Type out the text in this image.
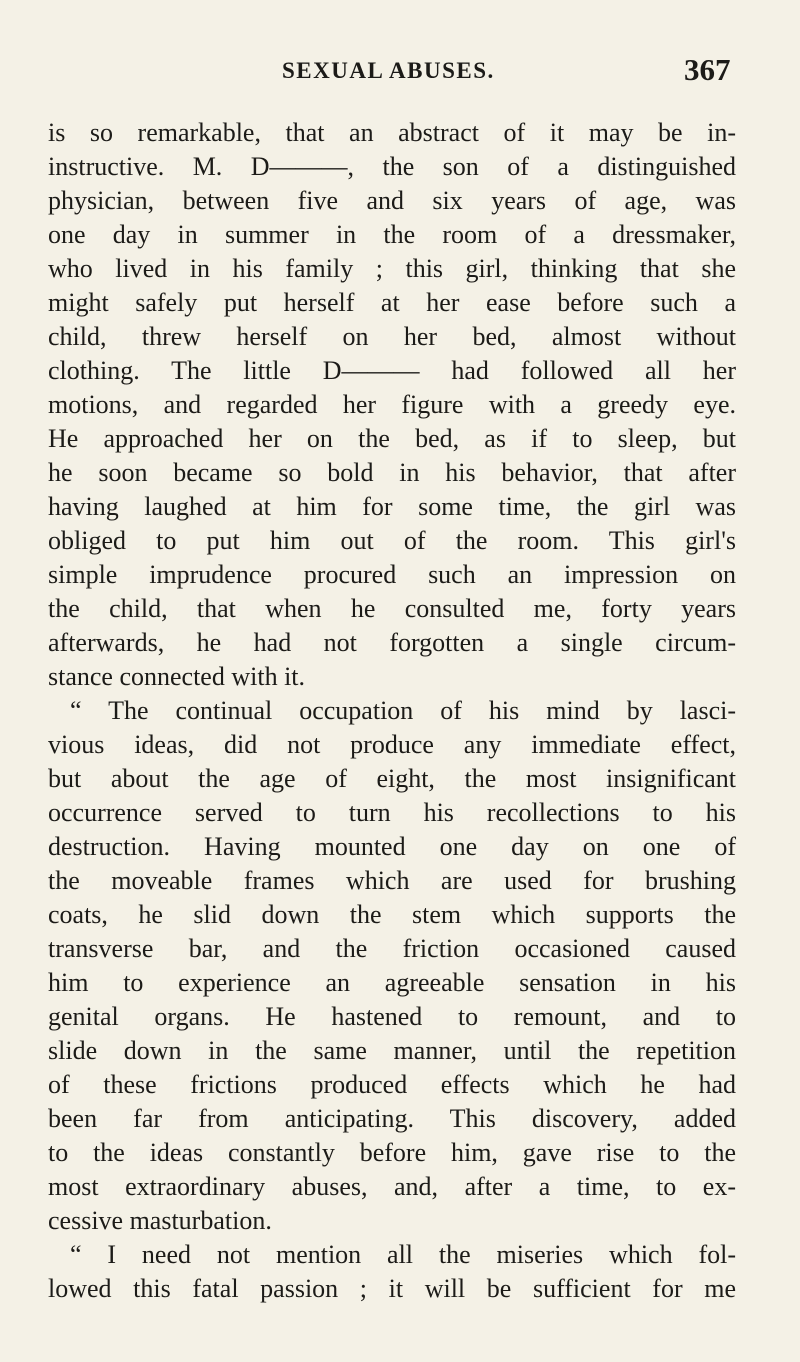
SEXUAL ABUSES.	367
is so remarkable, that an abstract of it may be in-
instructive. M. D———, the son of a distinguished
physician, between five and six years of age, was
one day in summer in the room of a dressmaker,
who lived in his family ; this girl, thinking that she
might safely put herself at her ease before such a
child, threw herself on her bed, almost without
clothing. The little D——— had followed all her
motions, and regarded her figure with a greedy eye.
He approached her on the bed, as if to sleep, but
he soon became so bold in his behavior, that after
having laughed at him for some time, the girl was
obliged to put him out of the room. This girl's
simple imprudence procured such an impression on
the child, that when he consulted me, forty years
afterwards, he had not forgotten a single circum-
stance connected with it.
“ The continual occupation of his mind by lasci-
vious ideas, did not produce any immediate effect,
but about the age of eight, the most insignificant
occurrence served to turn his recollections to his
destruction. Having mounted one day on one of
the moveable frames which are used for brushing
coats, he slid down the stem which supports the
transverse bar, and the friction occasioned caused
him to experience an agreeable sensation in his
genital organs. He hastened to remount, and to
slide down in the same manner, until the repetition
of these frictions produced effects which he had
been far from anticipating. This discovery, added
to the ideas constantly before him, gave rise to the
most extraordinary abuses, and, after a time, to ex-
cessive masturbation.
“ I need not mention all the miseries which fol-
lowed this fatal passion ; it will be sufficient for me
